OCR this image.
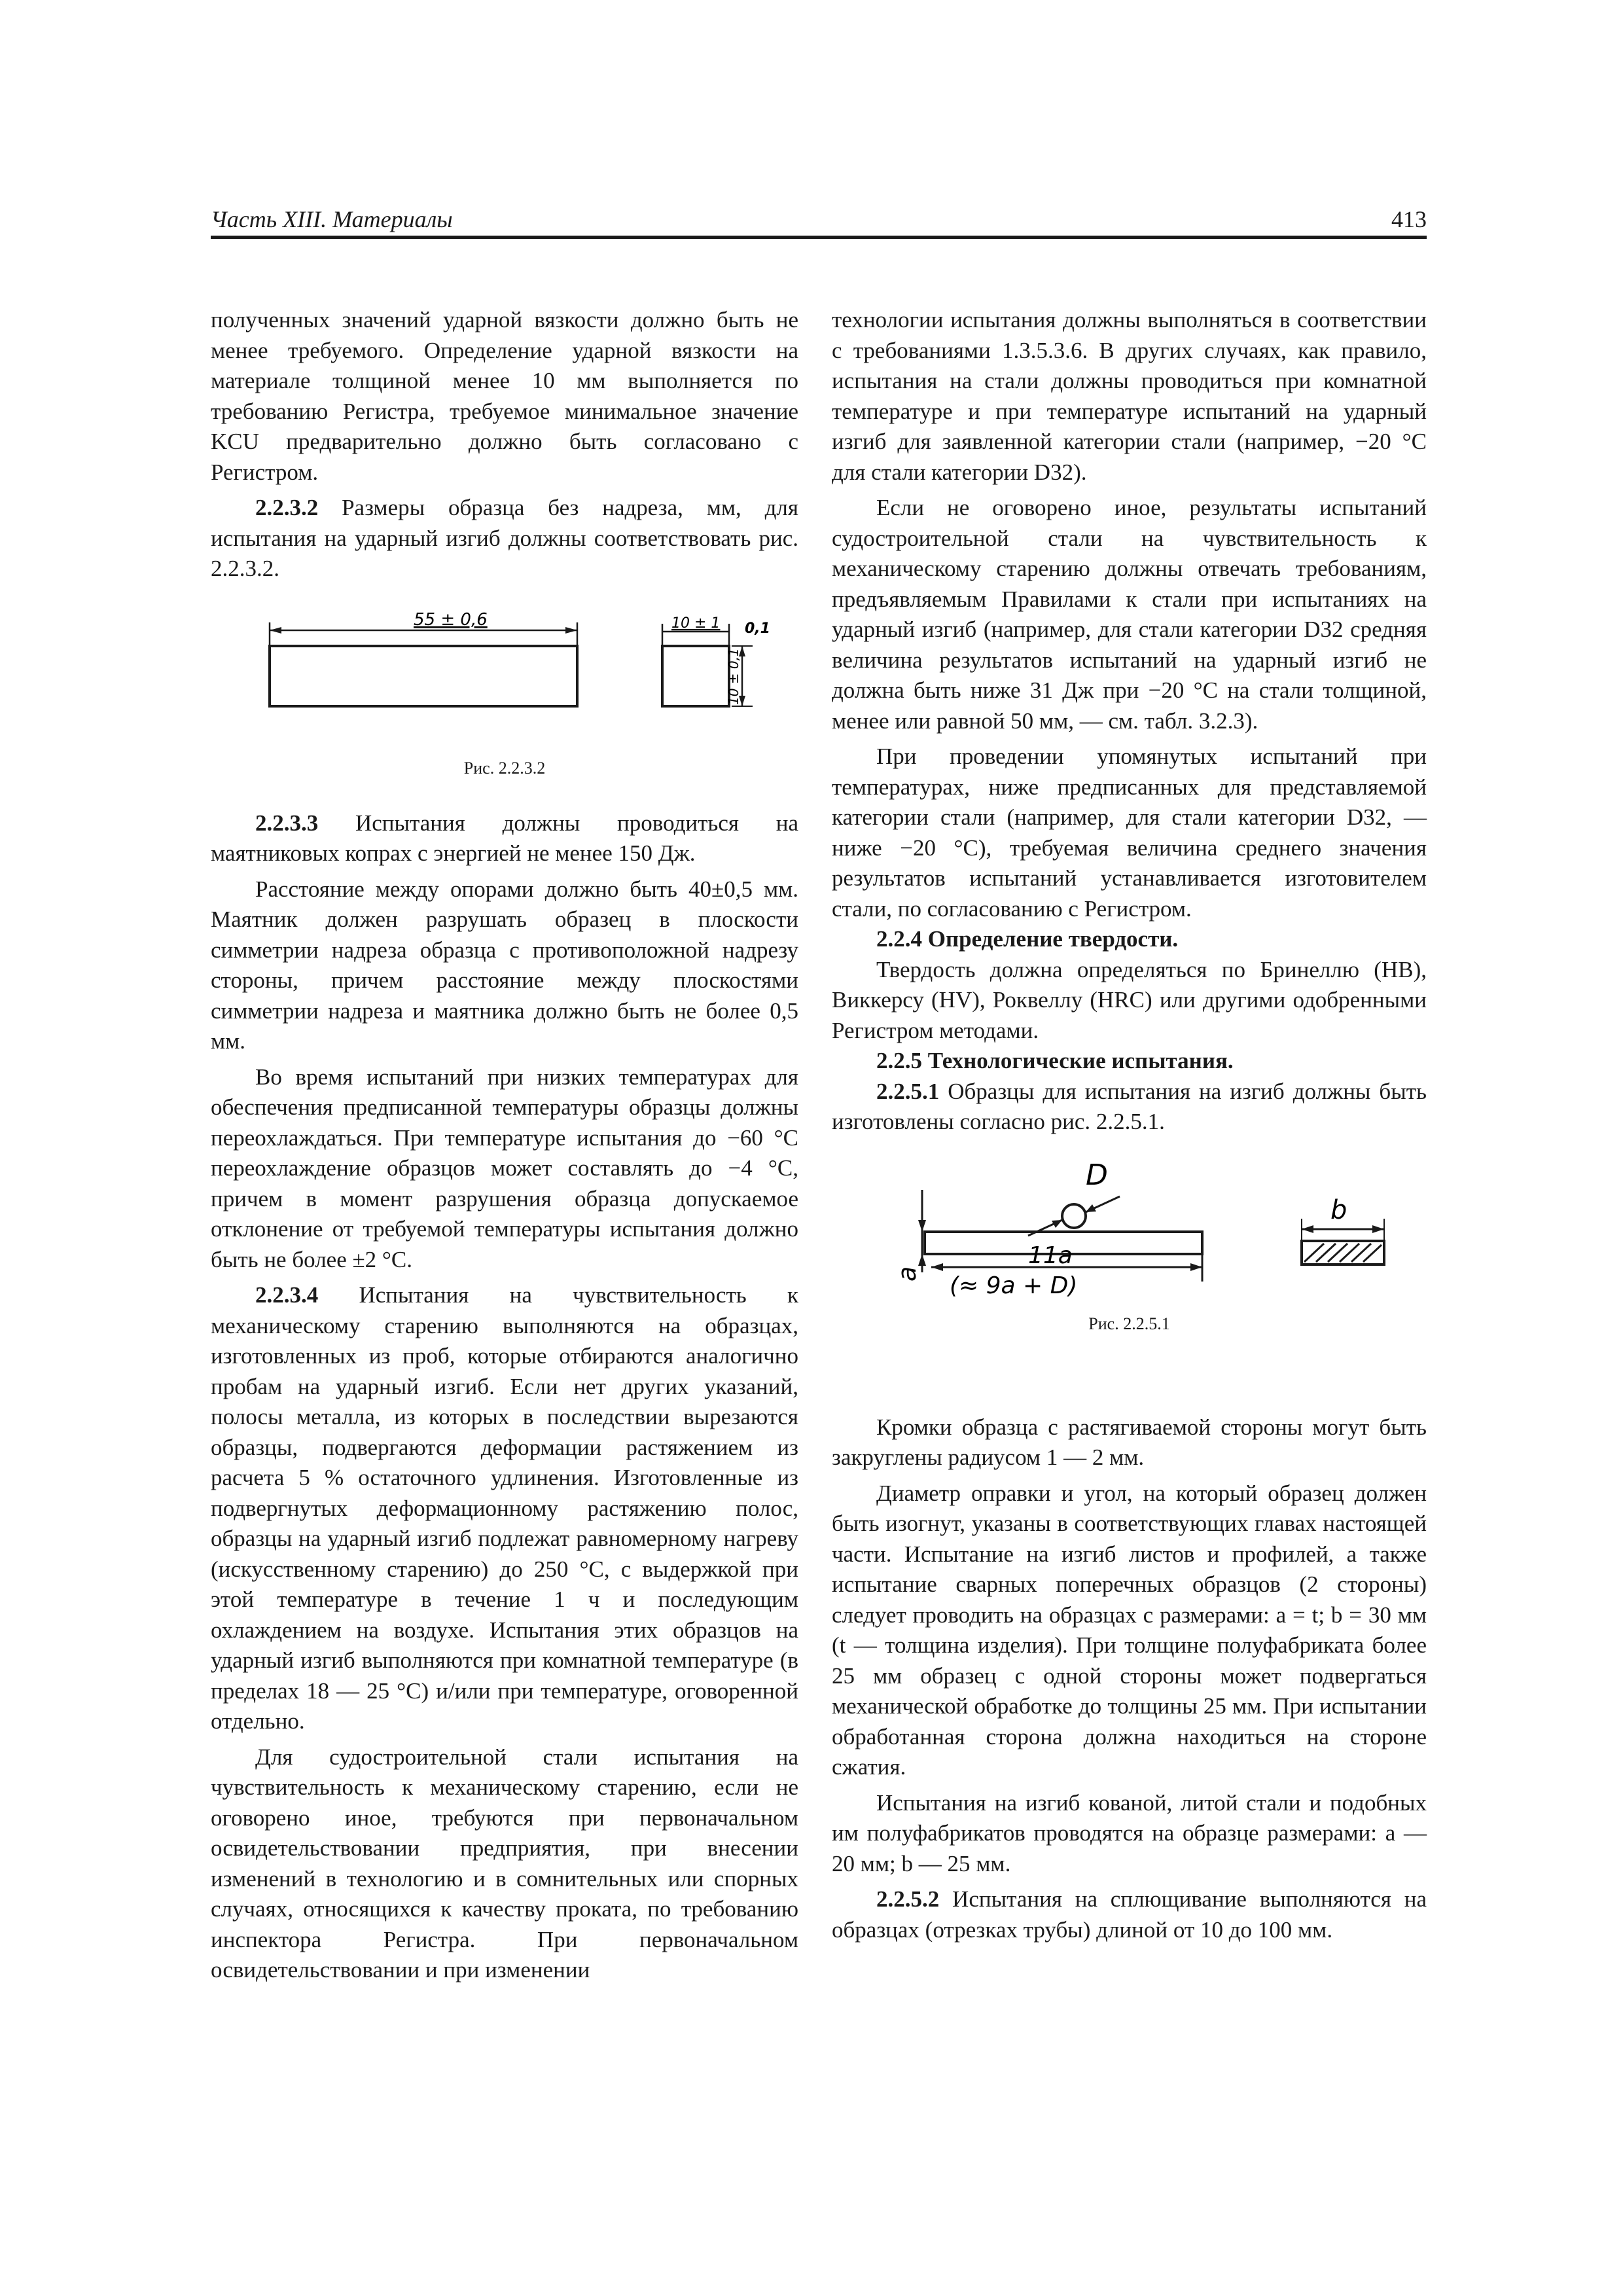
Часть XIII. Материалы	413

полученных значений ударной вязкости должно быть не менее требуемого. Определение ударной вязкости на материале толщиной менее 10 мм выполняется по требованию Регистра, требуемое минимальное значение KCU предварительно должно быть согласовано с Регистром.

2.2.3.2 Размеры образца без надреза, мм, для испытания на ударный изгиб должны соответствовать рис. 2.2.3.2.

55 ± 0,6	10 ± 1 0,1
10 ± 0,1
Рис. 2.2.3.2

2.2.3.3 Испытания должны проводиться на маятниковых копрах с энергией не менее 150 Дж.

Расстояние между опорами должно быть 40±0,5 мм. Маятник должен разрушать образец в плоскости симметрии надреза образца с противоположной надрезу стороны, причем расстояние между плоскостями симметрии надреза и маятника должно быть не более 0,5 мм.

Во время испытаний при низких температурах для обеспечения предписанной температуры образцы должны переохлаждаться. При температуре испытания до −60 °С переохлаждение образцов может составлять до −4 °С, причем в момент разрушения образца допускаемое отклонение от требуемой температуры испытания должно быть не более ±2 °С.

2.2.3.4 Испытания на чувствительность к механическому старению выполняются на образцах, изготовленных из проб, которые отбираются аналогично пробам на ударный изгиб. Если нет других указаний, полосы металла, из которых в последствии вырезаются образцы, подвергаются деформации растяжением из расчета 5 % остаточного удлинения. Изготовленные из подвергнутых деформационному растяжению полос, образцы на ударный изгиб подлежат равномерному нагреву (искусственному старению) до 250 °С, с выдержкой при этой температуре в течение 1 ч и последующим охлаждением на воздухе. Испытания этих образцов на ударный изгиб выполняются при комнатной температуре (в пределах 18 — 25 °С) и/или при температуре, оговоренной отдельно.

Для судостроительной стали испытания на чувствительность к механическому старению, если не оговорено иное, требуются при первоначальном освидетельствовании предприятия, при внесении изменений в технологию и в сомнительных или спорных случаях, относящихся к качеству проката, по требованию инспектора Регистра. При первоначальном освидетельствовании и при изменении

технологии испытания должны выполняться в соответствии с требованиями 1.3.5.3.6. В других случаях, как правило, испытания на стали должны проводиться при комнатной температуре и при температуре испытаний на ударный изгиб для заявленной категории стали (например, −20 °С для стали категории D32).

Если не оговорено иное, результаты испытаний судостроительной стали на чувствительность к механическому старению должны отвечать требованиям, предъявляемым Правилами к стали при испытаниях на ударный изгиб (например, для стали категории D32 средняя величина результатов испытаний на ударный изгиб не должна быть ниже 31 Дж при −20 °С на стали толщиной, менее или равной 50 мм, — см. табл. 3.2.3).

При проведении упомянутых испытаний при температурах, ниже предписанных для представляемой категории стали (например, для стали категории D32, — ниже −20 °С), требуемая величина среднего значения результатов испытаний устанавливается изготовителем стали, по согласованию с Регистром.

2.2.4 Определение твердости.

Твердость должна определяться по Бринеллю (HB), Виккерсу (HV), Роквеллу (HRC) или другими одобренными Регистром методами.

2.2.5 Технологические испытания.

2.2.5.1 Образцы для испытания на изгиб должны быть изготовлены согласно рис. 2.2.5.1.

a
D
11a
(≈ 9a + D)
b
Рис. 2.2.5.1

Кромки образца с растягиваемой стороны могут быть закруглены радиусом 1 — 2 мм.

Диаметр оправки и угол, на который образец должен быть изогнут, указаны в соответствующих главах настоящей части. Испытание на изгиб листов и профилей, а также испытание сварных поперечных образцов (2 стороны) следует проводить на образцах с размерами: a = t; b = 30 мм (t — толщина изделия). При толщине полуфабриката более 25 мм образец с одной стороны может подвергаться механической обработке до толщины 25 мм. При испытании обработанная сторона должна находиться на стороне сжатия.

Испытания на изгиб кованой, литой стали и подобных им полуфабрикатов проводятся на образце размерами: a — 20 мм; b — 25 мм.

2.2.5.2 Испытания на сплющивание выполняются на образцах (отрезках трубы) длиной от 10 до 100 мм.
